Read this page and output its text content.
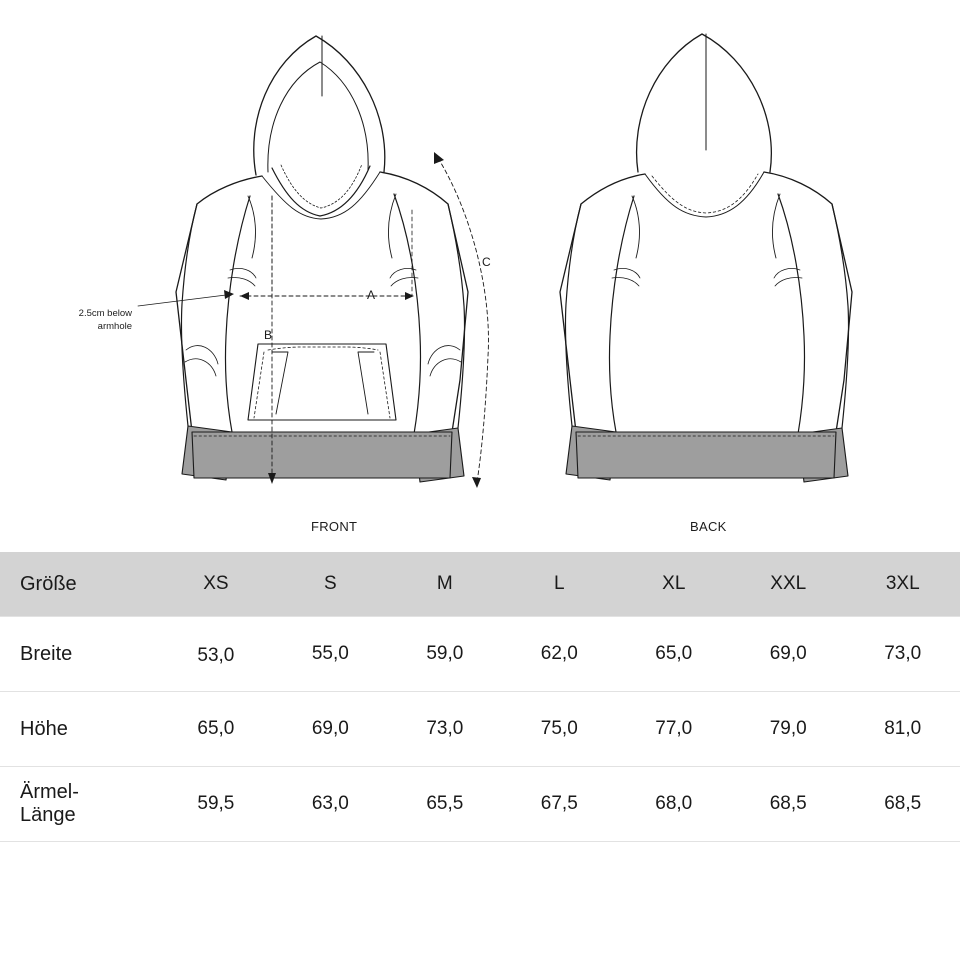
A
B
C
2.5cm below
armhole
FRONT	BACK
Größe	XS	S	M	L	XL	XXL	3XL
Breite	53,0	55,0	59,0	62,0	65,0	69,0	73,0
Höhe	65,0	69,0	73,0	75,0	77,0	79,0	81,0
Ärmel-
Länge	59,5	63,0	65,5	67,5	68,0	68,5	68,5
